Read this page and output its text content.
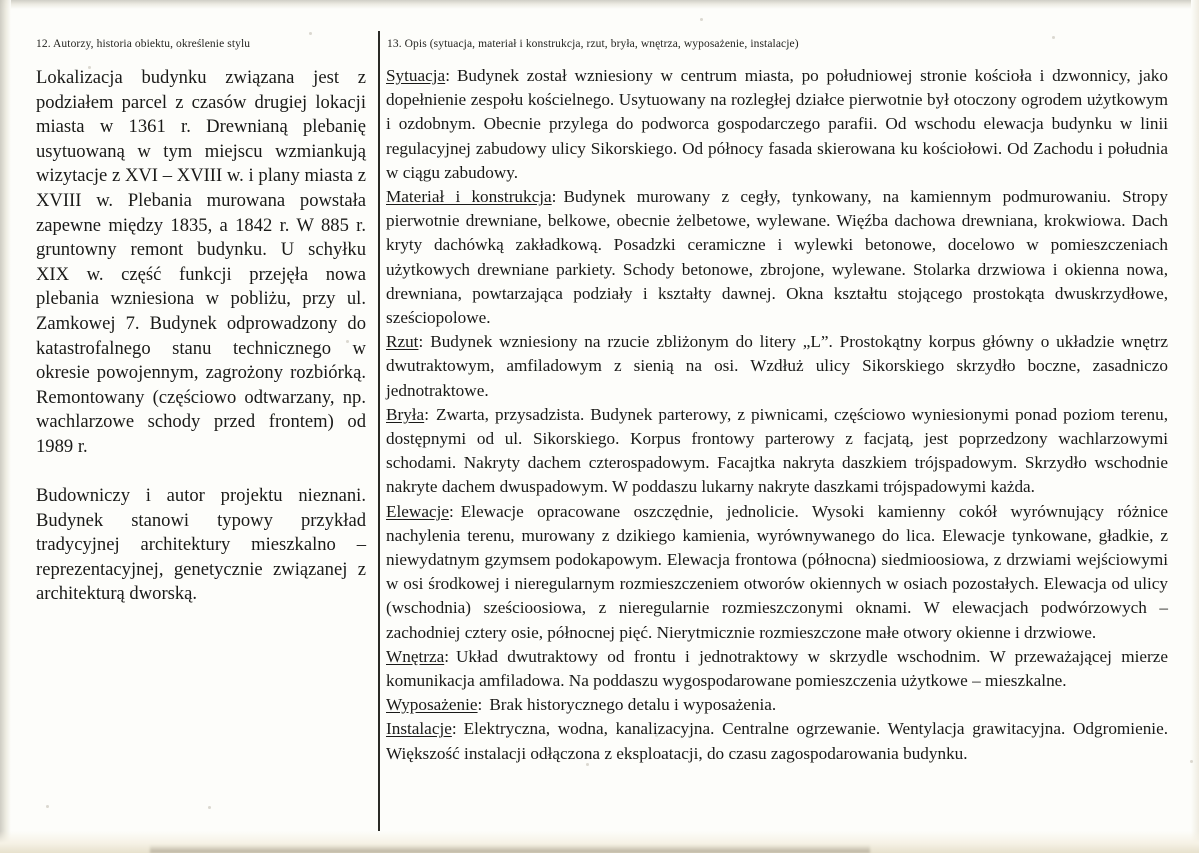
12. Autorzy, historia obiektu, określenie stylu	13. Opis (sytuacja, materiał i konstrukcja, rzut, bryła, wnętrza, wyposażenie, instalacje)

Lokalizacja budynku związana jest z podziałem parcel z czasów drugiej lokacji miasta w 1361 r. Drewnianą plebanię usytuowaną w tym miejscu wzmiankują wizytacje z XVI – XVIII w. i plany miasta z XVIII w. Plebania murowana powstała zapewne między 1835, a 1842 r. W 885 r. gruntowny remont budynku. U schyłku XIX w. część funkcji przejęła nowa plebania wzniesiona w pobliżu, przy ul. Zamkowej 7. Budynek odprowadzony do katastrofalnego stanu technicznego w okresie powojennym, zagrożony rozbiórką. Remontowany (częściowo odtwarzany, np. wachlarzowe schody przed frontem) od 1989 r.

Budowniczy i autor projektu nieznani. Budynek stanowi typowy przykład tradycyjnej architektury mieszkalno – reprezentacyjnej, genetycznie związanej z architekturą dworską.

Sytuacja: Budynek został wzniesiony w centrum miasta, po południowej stronie kościoła i dzwonnicy, jako dopełnienie zespołu kościelnego. Usytuowany na rozległej działce pierwotnie był otoczony ogrodem użytkowym i ozdobnym. Obecnie przylega do podworca gospodarczego parafii. Od wschodu elewacja budynku w linii regulacyjnej zabudowy ulicy Sikorskiego. Od północy fasada skierowana ku kościołowi. Od Zachodu i południa w ciągu zabudowy.

Materiał i konstrukcja: Budynek murowany z cegły, tynkowany, na kamiennym podmurowaniu. Stropy pierwotnie drewniane, belkowe, obecnie żelbetowe, wylewane. Więźba dachowa drewniana, krokwiowa. Dach kryty dachówką zakładkową. Posadzki ceramiczne i wylewki betonowe, docelowo w pomieszczeniach użytkowych drewniane parkiety. Schody betonowe, zbrojone, wylewane. Stolarka drzwiowa i okienna nowa, drewniana, powtarzająca podziały i kształty dawnej. Okna kształtu stojącego prostokąta dwuskrzydłowe, sześciopolowe.

Rzut: Budynek wzniesiony na rzucie zbliżonym do litery „L”. Prostokątny korpus główny o układzie wnętrz dwutraktowym, amfiladowym z sienią na osi. Wzdłuż ulicy Sikorskiego skrzydło boczne, zasadniczo jednotraktowe.

Bryła: Zwarta, przysadzista. Budynek parterowy, z piwnicami, częściowo wyniesionymi ponad poziom terenu, dostępnymi od ul. Sikorskiego. Korpus frontowy parterowy z facjatą, jest poprzedzony wachlarzowymi schodami. Nakryty dachem czterospadowym. Facajtka nakryta daszkiem trójspadowym. Skrzydło wschodnie nakryte dachem dwuspadowym. W poddaszu lukarny nakryte daszkami trójspadowymi każda.

Elewacje: Elewacje opracowane oszczędnie, jednolicie. Wysoki kamienny cokół wyrównujący różnice nachylenia terenu, murowany z dzikiego kamienia, wyrównywanego do lica. Elewacje tynkowane, gładkie, z niewydatnym gzymsem podokapowym. Elewacja frontowa (północna) siedmioosiowa, z drzwiami wejściowymi w osi środkowej i nieregularnym rozmieszczeniem otworów okiennych w osiach pozostałych. Elewacja od ulicy (wschodnia) sześcioosiowa, z nieregularnie rozmieszczonymi oknami. W elewacjach podwórzowych – zachodniej cztery osie, północnej pięć. Nierytmicznie rozmieszczone małe otwory okienne i drzwiowe.

Wnętrza: Układ dwutraktowy od frontu i jednotraktowy w skrzydle wschodnim. W przeważającej mierze komunikacja amfiladowa. Na poddaszu wygospodarowane pomieszczenia użytkowe – mieszkalne.

Wyposażenie: Brak historycznego detalu i wyposażenia.

Instalacje: Elektryczna, wodna, kanalizacyjna. Centralne ogrzewanie. Wentylacja grawitacyjna. Odgromienie. Większość instalacji odłączona z eksploatacji, do czasu zagospodarowania budynku.
